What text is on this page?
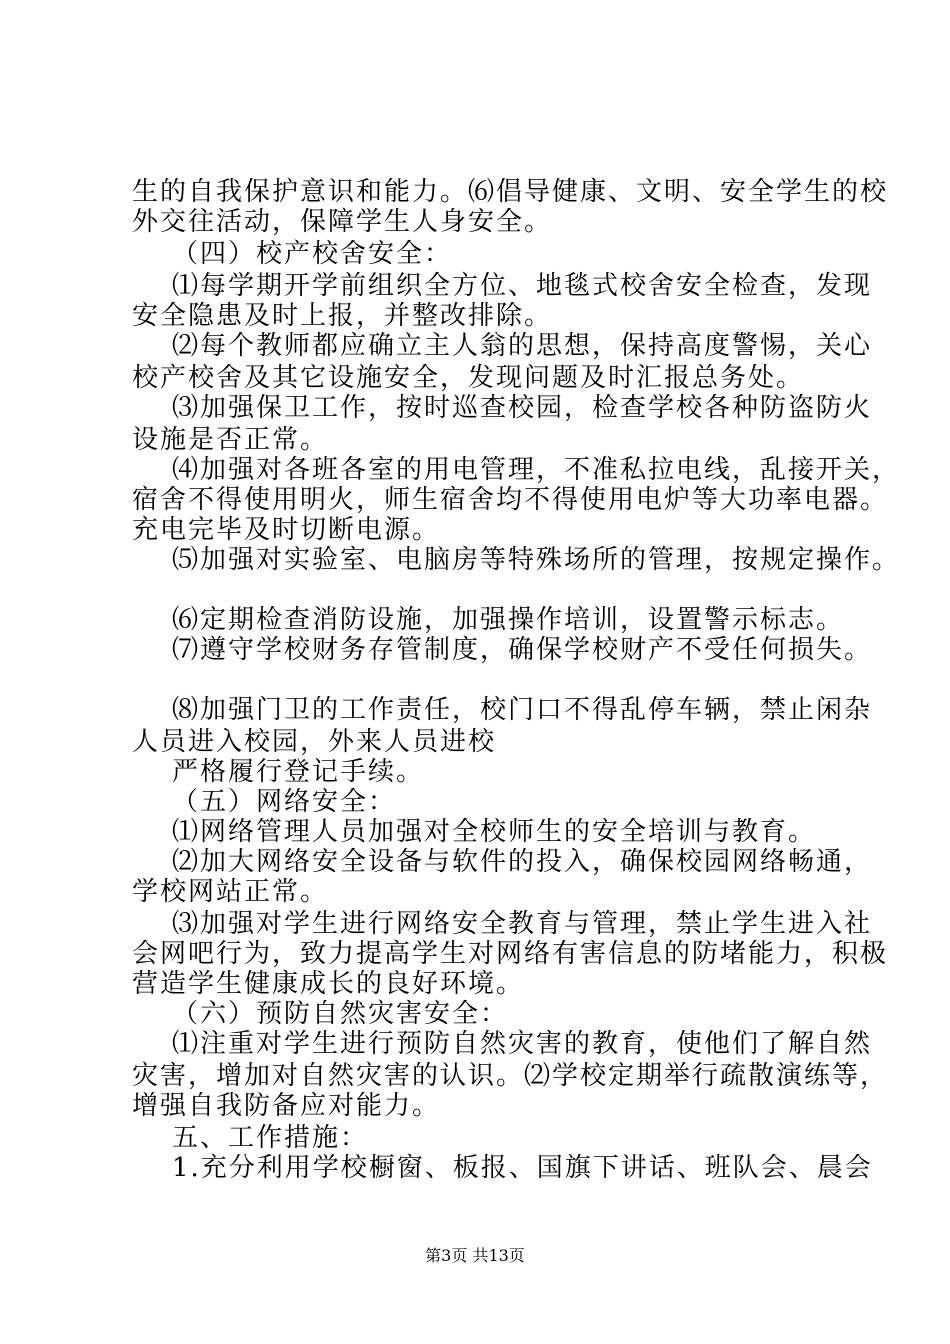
生的自我保护意识和能力。⑹倡导健康、文明、安全学生的校

外交往活动，保障学生人身安全。

（四）校产校舍安全：

⑴每学期开学前组织全方位、地毯式校舍安全检查，发现

安全隐患及时上报，并整改排除。

⑵每个教师都应确立主人翁的思想，保持高度警惕，关心

校产校舍及其它设施安全，发现问题及时汇报总务处。

⑶加强保卫工作，按时巡查校园，检查学校各种防盗防火

设施是否正常。

⑷加强对各班各室的用电管理，不准私拉电线，乱接开关，

宿舍不得使用明火，师生宿舍均不得使用电炉等大功率电器。

充电完毕及时切断电源。

⑸加强对实验室、电脑房等特殊场所的管理，按规定操作。

⑹定期检查消防设施，加强操作培训，设置警示标志。

⑺遵守学校财务存管制度，确保学校财产不受任何损失。

⑻加强门卫的工作责任，校门口不得乱停车辆，禁止闲杂

人员进入校园，外来人员进校

严格履行登记手续。

（五）网络安全：

⑴网络管理人员加强对全校师生的安全培训与教育。

⑵加大网络安全设备与软件的投入，确保校园网络畅通，

学校网站正常。

⑶加强对学生进行网络安全教育与管理，禁止学生进入社

会网吧行为，致力提高学生对网络有害信息的防堵能力，积极

营造学生健康成长的良好环境。

（六）预防自然灾害安全：

⑴注重对学生进行预防自然灾害的教育，使他们了解自然

灾害，增加对自然灾害的认识。⑵学校定期举行疏散演练等，

增强自我防备应对能力。

五、工作措施：

1.充分利用学校橱窗、板报、国旗下讲话、班队会、晨会

第3页 共13页
